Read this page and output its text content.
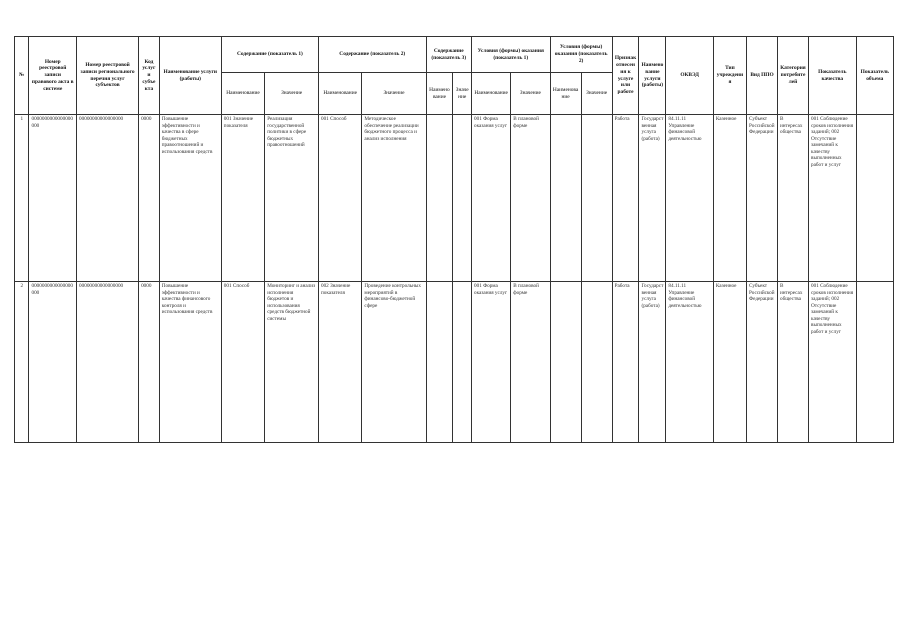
№	Номер реестровой записи правового акта в системе	Номер реестровой записи регионального перечня услуг субъектов	Код услуги субъекта	Наименование услуги (работы)	Содержание (показатель 1)		Содержание (показатель 2)		Содержание (показатель 3)		Условия (формы) оказания (показатель 1)		Условия (формы) оказания (показатель 2)		Признак отнесения к услуге или работе	Наименование услуги (работы)	ОКВЭД	Тип учреждения	Вид ППО	Категория потребителей	Показатель качества	Показатель объема
					Наименование	Значение	Наименование	Значение	Наименование	Значение	Наименование	Значение	Наименование	Значение								
1	0000000000000000000	00000000000000000	0000	Повышение эффективности и качества в сфере бюджетных правоотношений и использования средств	001 Значение показателя	Реализация государственной политики в сфере бюджетных правоотношений	001 Способ	Методическое обеспечение реализации бюджетного процесса и анализ исполнения			001 Форма оказания услуг	В плановой форме			Работа	Государственная услуга (работа)	84.11.11 Управление финансовой деятельностью	Казенное	Субъект Российской Федерации	В интересах общества	001 Соблюдение сроков исполнения заданий; 002 Отсутствие замечаний к качеству выполненных работ и услуг	
2	0000000000000000000	00000000000000000	0000	Повышение эффективности и качества финансового контроля и использования средств	001 Способ	Мониторинг и анализ исполнения бюджетов и использования средств бюджетной системы	002 Значение показателя	Проведение контрольных мероприятий в финансово-бюджетной сфере			001 Форма оказания услуг	В плановой форме			Работа	Государственная услуга (работа)	84.11.11 Управление финансовой деятельностью	Казенное	Субъект Российской Федерации	В интересах общества	001 Соблюдение сроков исполнения заданий; 002 Отсутствие замечаний к качеству выполненных работ и услуг	
